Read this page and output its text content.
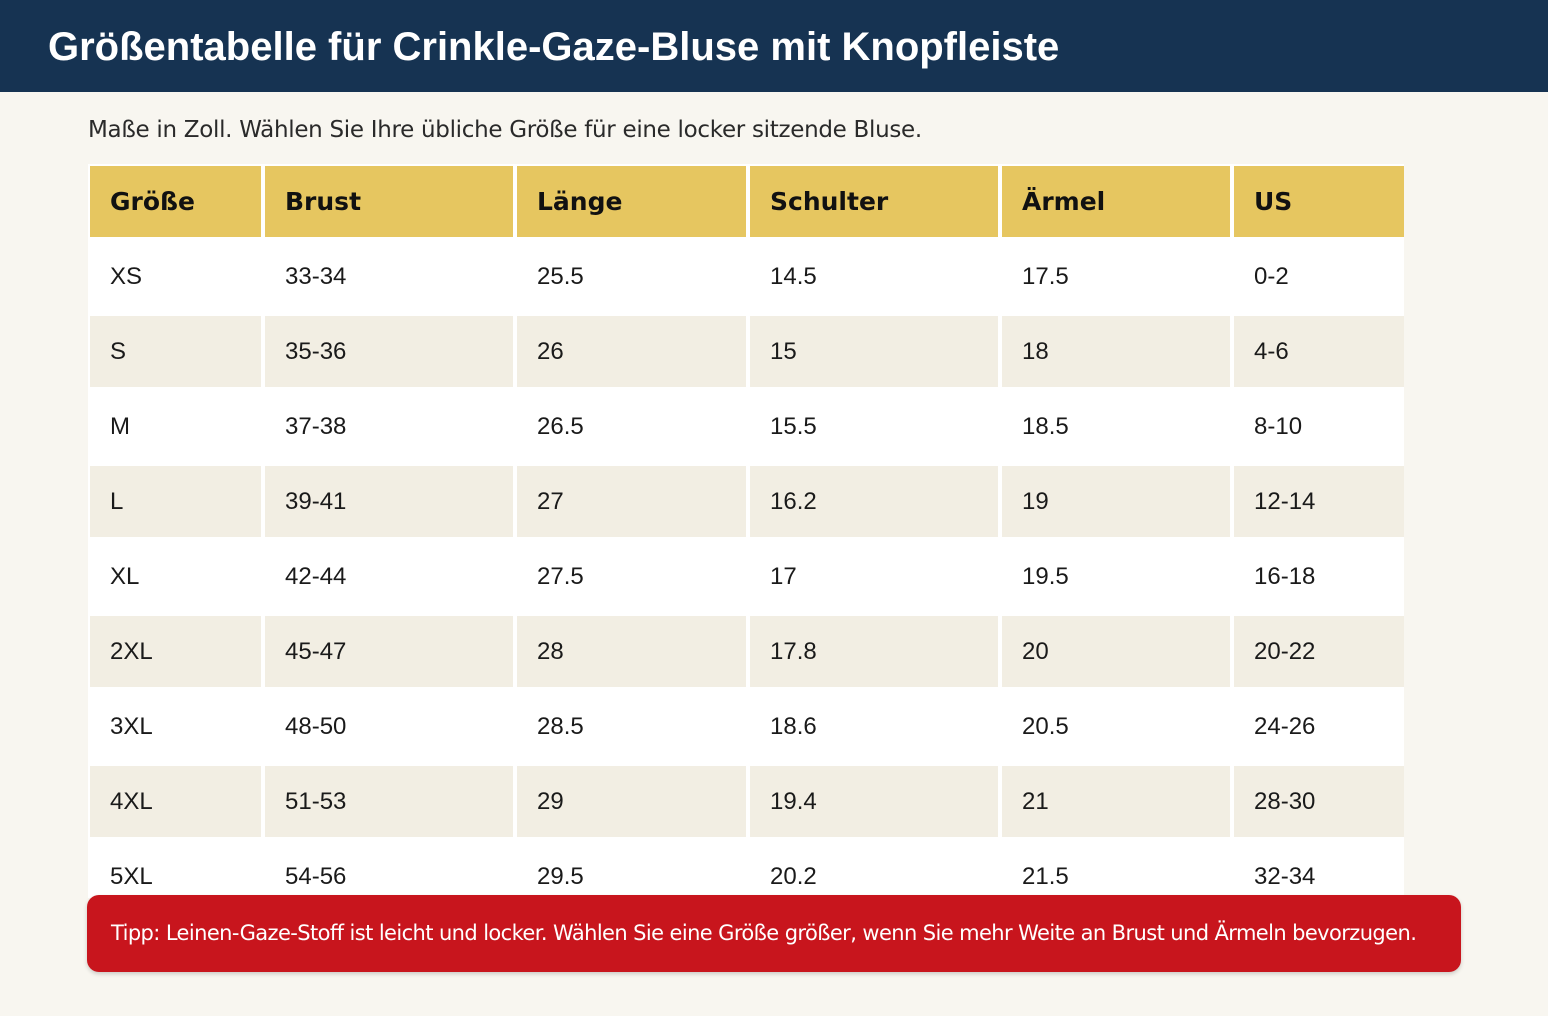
Größentabelle für Crinkle-Gaze-Bluse mit Knopfleiste

Maße in Zoll. Wählen Sie Ihre übliche Größe für eine locker sitzende Bluse.

Größe	Brust	Länge	Schulter	Ärmel	US
XS	33-34	25.5	14.5	17.5	0-2
S	35-36	26	15	18	4-6
M	37-38	26.5	15.5	18.5	8-10
L	39-41	27	16.2	19	12-14
XL	42-44	27.5	17	19.5	16-18
2XL	45-47	28	17.8	20	20-22
3XL	48-50	28.5	18.6	20.5	24-26
4XL	51-53	29	19.4	21	28-30
5XL	54-56	29.5	20.2	21.5	32-34

Tipp: Leinen-Gaze-Stoff ist leicht und locker. Wählen Sie eine Größe größer, wenn Sie mehr Weite an Brust und Ärmeln bevorzugen.
